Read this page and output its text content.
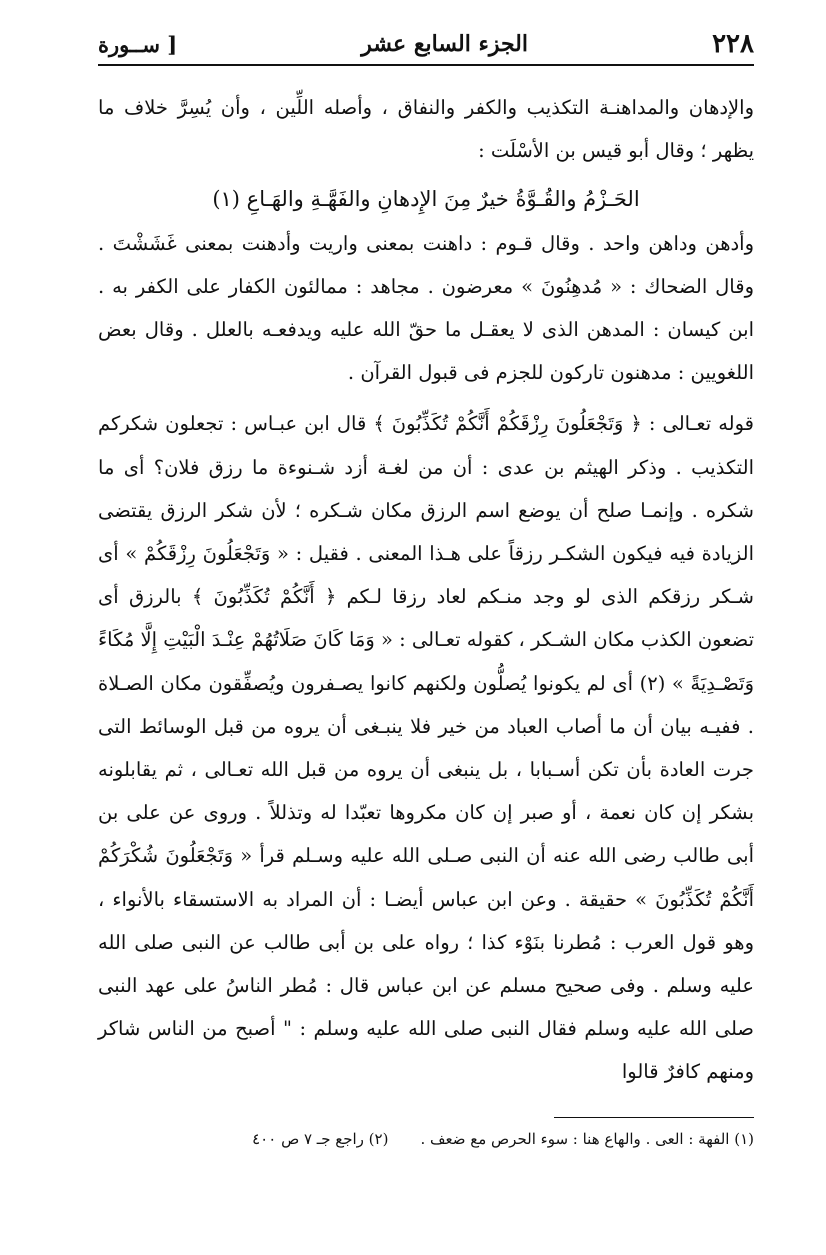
٢٢٨
الجزء السابع عشر
[ ســورة

والإدهان والمداهنـة التكذيب والكفر والنفاق ، وأصله اللِّين ، وأن يُسِرَّ خلاف ما يظهر ؛ وقال أبو قيس بن الأسْلَت :

الحَـزْمُ والقُـوَّةُ خيرٌ مِنَ الإِدهانِ والفَهَّـةِ والهَـاعِ (١)

وأدهن وداهن واحد . وقال قـوم : داهنت بمعنى واريت وأدهنت بمعنى غَشَشْتَ . وقال الضحاك : « مُدهِنُونَ » معرضون . مجاهد : ممالئون الكفار على الكفر به . ابن كيسان : المدهن الذى لا يعقـل ما حقّ الله عليه ويدفعـه بالعلل . وقال بعض اللغويين : مدهنون تاركون للجزم فى قبول القرآن .

قوله تعـالى : ﴿ وَتَجْعَلُونَ رِزْقَكُمْ أَنَّكُمْ تُكَذِّبُونَ ﴾ قال ابن عبـاس : تجعلون شكركم التكذيب . وذكر الهيثم بن عدى : أن من لغـة أزد شـنوءة ما رزق فلان؟ أى ما شكره . وإنمـا صلح أن يوضع اسم الرزق مكان شـكره ؛ لأن شكر الرزق يقتضى الزيادة فيه فيكون الشكـر رزقاً على هـذا المعنى . فقيل : « وَتَجْعَلُونَ رِزْقَكُمْ » أى شـكر رزقكم الذى لو وجد منـكم لعاد رزقا لـكم ﴿ أَنَّكُمْ تُكَذِّبُونَ ﴾ بالرزق أى تضعون الكذب مكان الشـكر ، كقوله تعـالى : « وَمَا كَانَ صَلَاتُهُمْ عِنْـدَ الْبَيْتِ إِلَّا مُكَاءً وَتَصْـدِيَةً » (٢) أى لم يكونوا يُصلُّون ولكنهم كانوا يصـفرون ويُصفِّقون مكان الصـلاة . ففيـه بيان أن ما أصاب العباد من خير فلا ينبـغى أن يروه من قبل الوسائط التى جرت العادة بأن تكن أسـبابا ، بل ينبغى أن يروه من قبل الله تعـالى ، ثم يقابلونه بشكر إن كان نعمة ، أو صبر إن كان مكروها تعبّدا له وتذللاً . وروى عن على بن أبى طالب رضى الله عنه أن النبى صـلى الله عليه وسـلم قرأ « وَتَجْعَلُونَ شُكْرَكُمْ أَنَّكُمْ تُكَذِّبُونَ » حقيقة . وعن ابن عباس أيضـا : أن المراد به الاستسقاء بالأنواء ، وهو قول العرب : مُطرنا بنَوْء كذا ؛ رواه على بن أبى طالب عن النبى صلى الله عليه وسلم . وفى صحيح مسلم عن ابن عباس قال : مُطر الناسُ على عهد النبى صلى الله عليه وسلم فقال النبى صلى الله عليه وسلم : " أصبح من الناس شاكر ومنهم كافرٌ قالوا

(١) الفهة : العى . والهاع هنا : سوء الحرص مع ضعف .
(٢) راجع جـ ٧ ص ٤٠٠
